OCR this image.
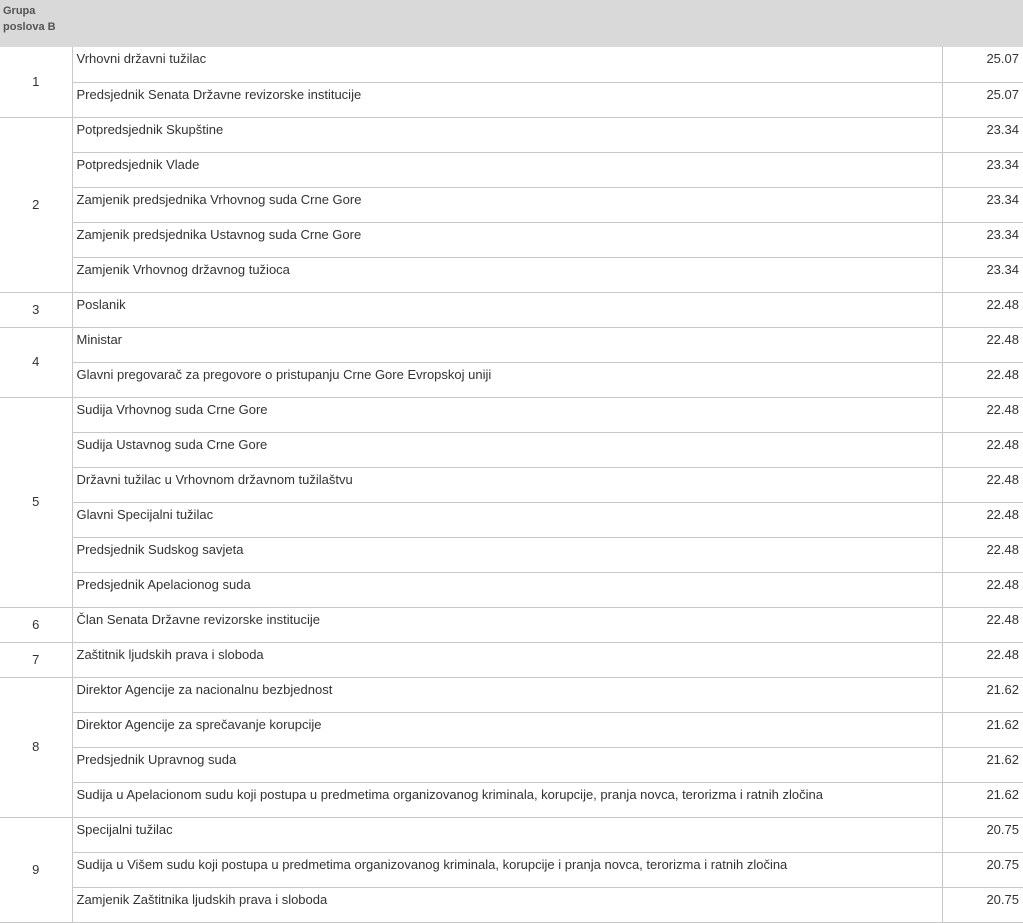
Grupa poslova B		

1	Vrhovni državni tužilac	25.07
	Predsjednik Senata Državne revizorske institucije	25.07
2	Potpredsjednik Skupštine	23.34
	Potpredsjednik Vlade	23.34
	Zamjenik predsjednika Vrhovnog suda Crne Gore	23.34
	Zamjenik predsjednika Ustavnog suda Crne Gore	23.34
	Zamjenik Vrhovnog državnog tužioca	23.34
3	Poslanik	22.48
4	Ministar	22.48
	Glavni pregovarač za pregovore o pristupanju Crne Gore Evropskoj uniji	22.48
5	Sudija Vrhovnog suda Crne Gore	22.48
	Sudija Ustavnog suda Crne Gore	22.48
	Državni tužilac u Vrhovnom državnom tužilaštvu	22.48
	Glavni Specijalni tužilac	22.48
	Predsjednik Sudskog savjeta	22.48
	Predsjednik Apelacionog suda	22.48
6	Član Senata Državne revizorske institucije	22.48
7	Zaštitnik ljudskih prava i sloboda	22.48
8	Direktor Agencije za nacionalnu bezbjednost	21.62
	Direktor Agencije za sprečavanje korupcije	21.62
	Predsjednik Upravnog suda	21.62
	Sudija u Apelacionom sudu koji postupa u predmetima organizovanog kriminala, korupcije, pranja novca, terorizma i ratnih zločina	21.62
9	Specijalni tužilac	20.75
	Sudija u Višem sudu koji postupa u predmetima organizovanog kriminala, korupcije i pranja novca, terorizma i ratnih zločina	20.75
	Zamjenik Zaštitnika ljudskih prava i sloboda	20.75
